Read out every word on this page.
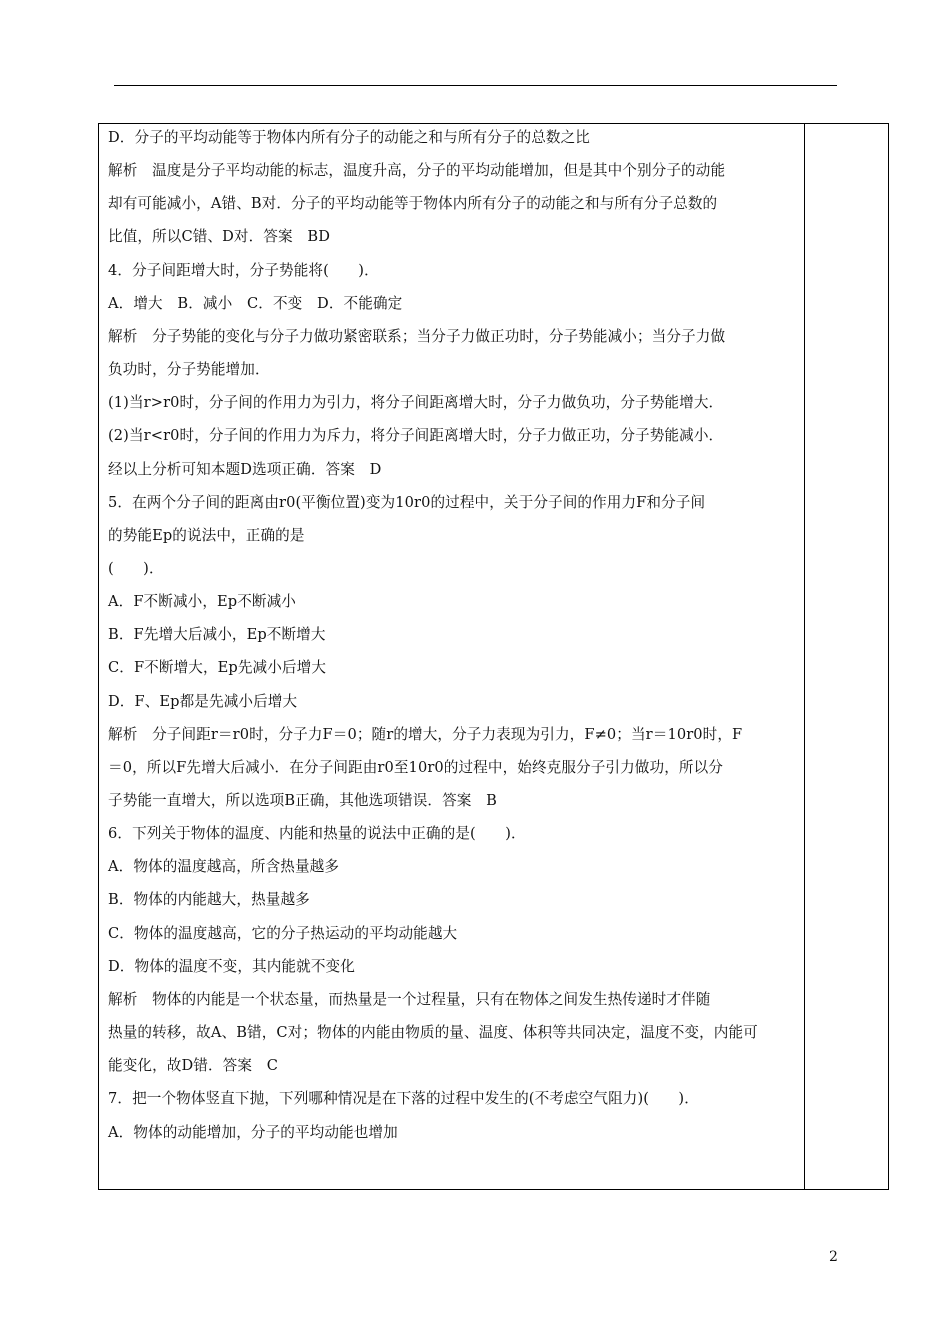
D．分子的平均动能等于物体内所有分子的动能之和与所有分子的总数之比
解析　温度是分子平均动能的标志，温度升高，分子的平均动能增加，但是其中个别分子的动能
却有可能减小，A错、B对．分子的平均动能等于物体内所有分子的动能之和与所有分子总数的
比值，所以C错、D对．答案　BD
4．分子间距增大时，分子势能将(　　)．
A．增大　B．减小　C．不变　D．不能确定
解析　分子势能的变化与分子力做功紧密联系；当分子力做正功时，分子势能减小；当分子力做
负功时，分子势能增加．
(1)当r>r0时，分子间的作用力为引力，将分子间距离增大时，分子力做负功，分子势能增大．
(2)当r<r0时，分子间的作用力为斥力，将分子间距离增大时，分子力做正功，分子势能减小．
经以上分析可知本题D选项正确．答案　D
5．在两个分子间的距离由r0(平衡位置)变为10r0的过程中，关于分子间的作用力F和分子间
的势能Ep的说法中，正确的是
(　　)．
A．F不断减小，Ep不断减小
B．F先增大后减小，Ep不断增大
C．F不断增大，Ep先减小后增大
D．F、Ep都是先减小后增大
解析　分子间距r＝r0时，分子力F＝0；随r的增大，分子力表现为引力，F≠0；当r＝10r0时，F
＝0，所以F先增大后减小．在分子间距由r0至10r0的过程中，始终克服分子引力做功，所以分
子势能一直增大，所以选项B正确，其他选项错误．答案　B
6．下列关于物体的温度、内能和热量的说法中正确的是(　　)．
A．物体的温度越高，所含热量越多
B．物体的内能越大，热量越多
C．物体的温度越高，它的分子热运动的平均动能越大
D．物体的温度不变，其内能就不变化
解析　物体的内能是一个状态量，而热量是一个过程量，只有在物体之间发生热传递时才伴随
热量的转移，故A、B错，C对；物体的内能由物质的量、温度、体积等共同决定，温度不变，内能可
能变化，故D错．答案　C
7．把一个物体竖直下抛，下列哪种情况是在下落的过程中发生的(不考虑空气阻力)(　　)．
A．物体的动能增加，分子的平均动能也增加
2
